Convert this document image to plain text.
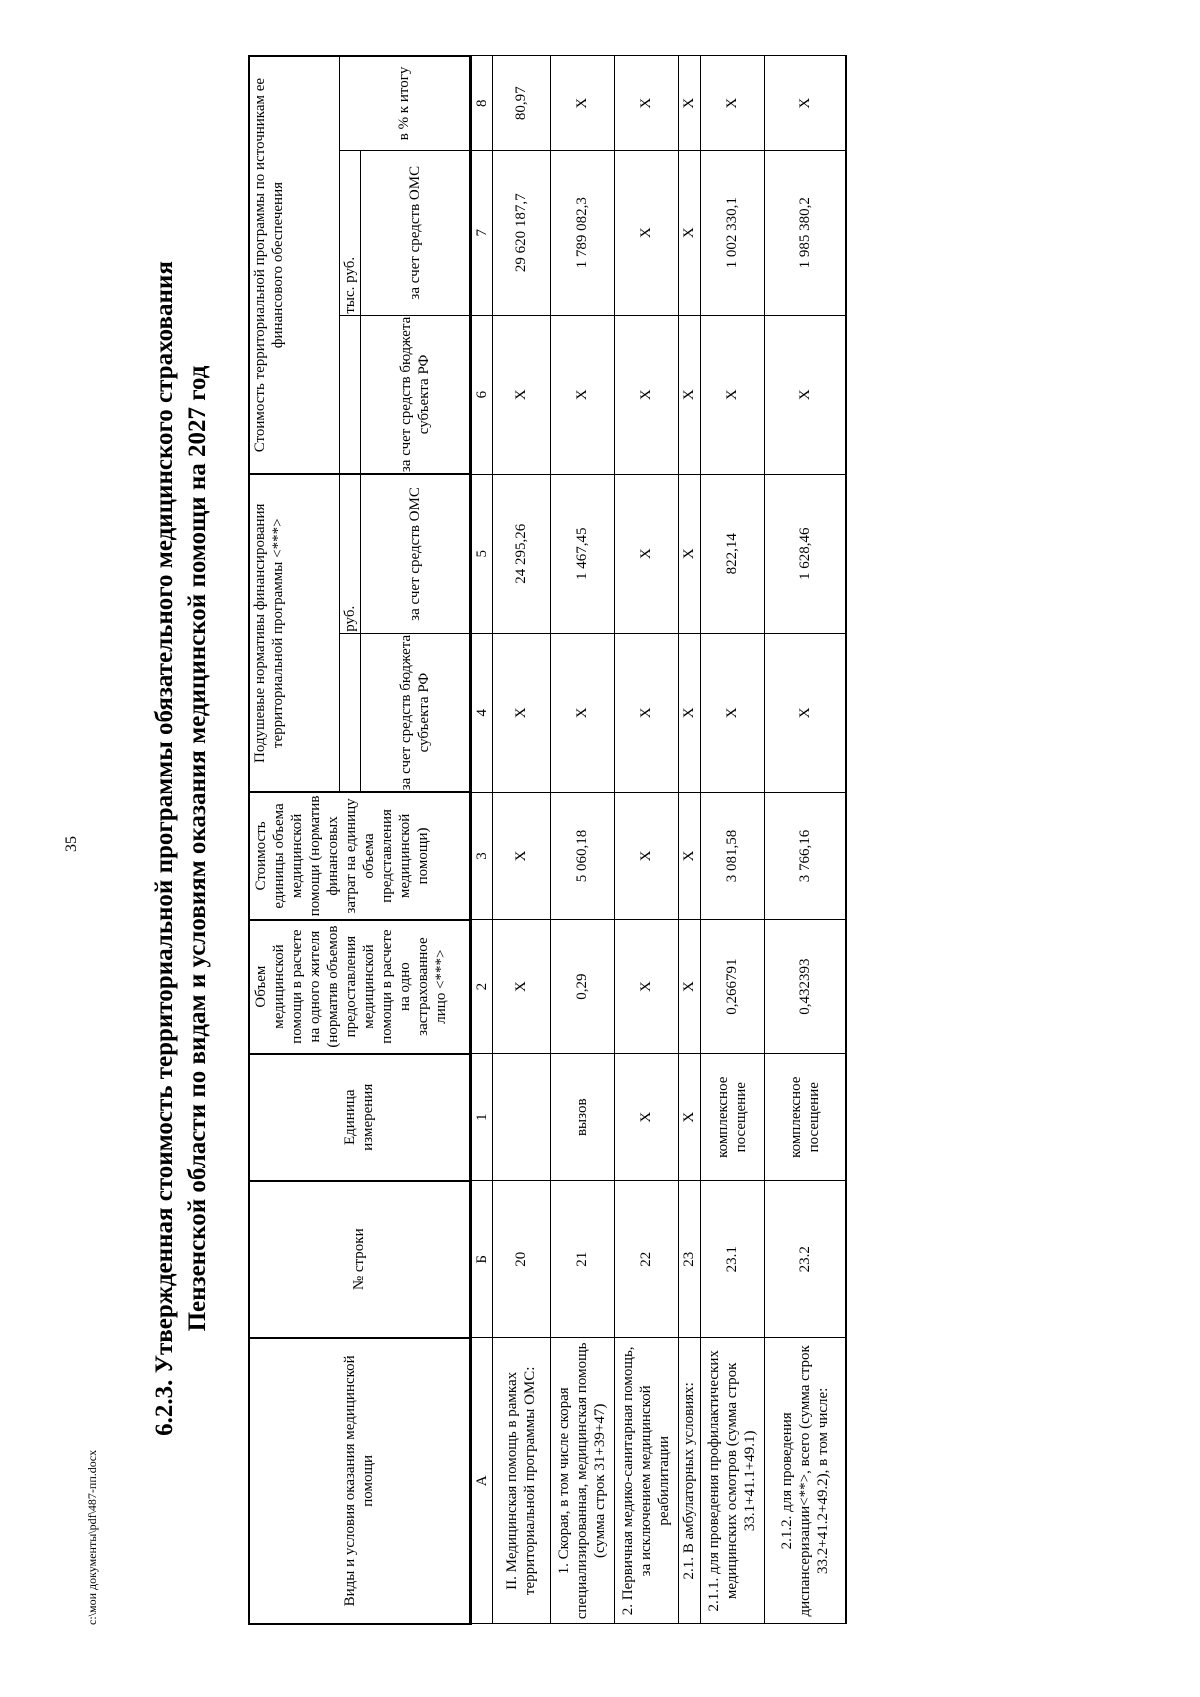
35
c:\мои документы\pdf\487-пп.docx
6.2.3. Утвержденная стоимость территориальной программы обязательного медицинского страхования Пензенской области по видам и условиям оказания медицинской помощи на 2027 год
Виды и условия оказания медицинской помощи	№ строки	Единица измерения	Объем медицинской помощи в расчете на одного жителя (норматив объемов предоставления медицинской помощи в расчете на одно застрахованное лицо <***>	Стоимость единицы объема медицинской помощи (норматив финансовых затрат на единицу объема представления медицинской помощи)	Подушевые нормативы финансирования территориальной программы <***>		Стоимость территориальной программы по источникам ее финансового обеспечения		
						руб.		тыс. руб.	в % к итогу
					за счет средств бюджета субъекта РФ	за счет средств ОМС	за счет средств бюджета субъекта РФ	за счет средств ОМС	
А	Б	1	2	3	4	5	6	7	8
II. Медицинская помощь в рамках территориальной программы ОМС:	20		Х	Х	Х	24 295,26	Х	29 620 187,7	80,97
1. Скорая, в том числе скорая специализированная, медицинская помощь (сумма строк 31+39+47)	21	вызов	0,29	5 060,18	Х	1 467,45	Х	1 789 082,3	Х
2. Первичная медико-санитарная помощь, за исключением медицинской реабилитации	22	Х	Х	Х	Х	Х	Х	Х	Х
2.1. В амбулаторных условиях:	23	Х	Х	Х	Х	Х	Х	Х	Х
2.1.1. для проведения профилактических медицинских осмотров (сумма строк 33.1+41.1+49.1)	23.1	комплексное посещение	0,266791	3 081,58	Х	822,14	Х	1 002 330,1	Х
2.1.2. для проведения диспансеризации<**>, всего (сумма строк 33.2+41.2+49.2), в том числе:	23.2	комплексное посещение	0,432393	3 766,16	Х	1 628,46	Х	1 985 380,2	Х
